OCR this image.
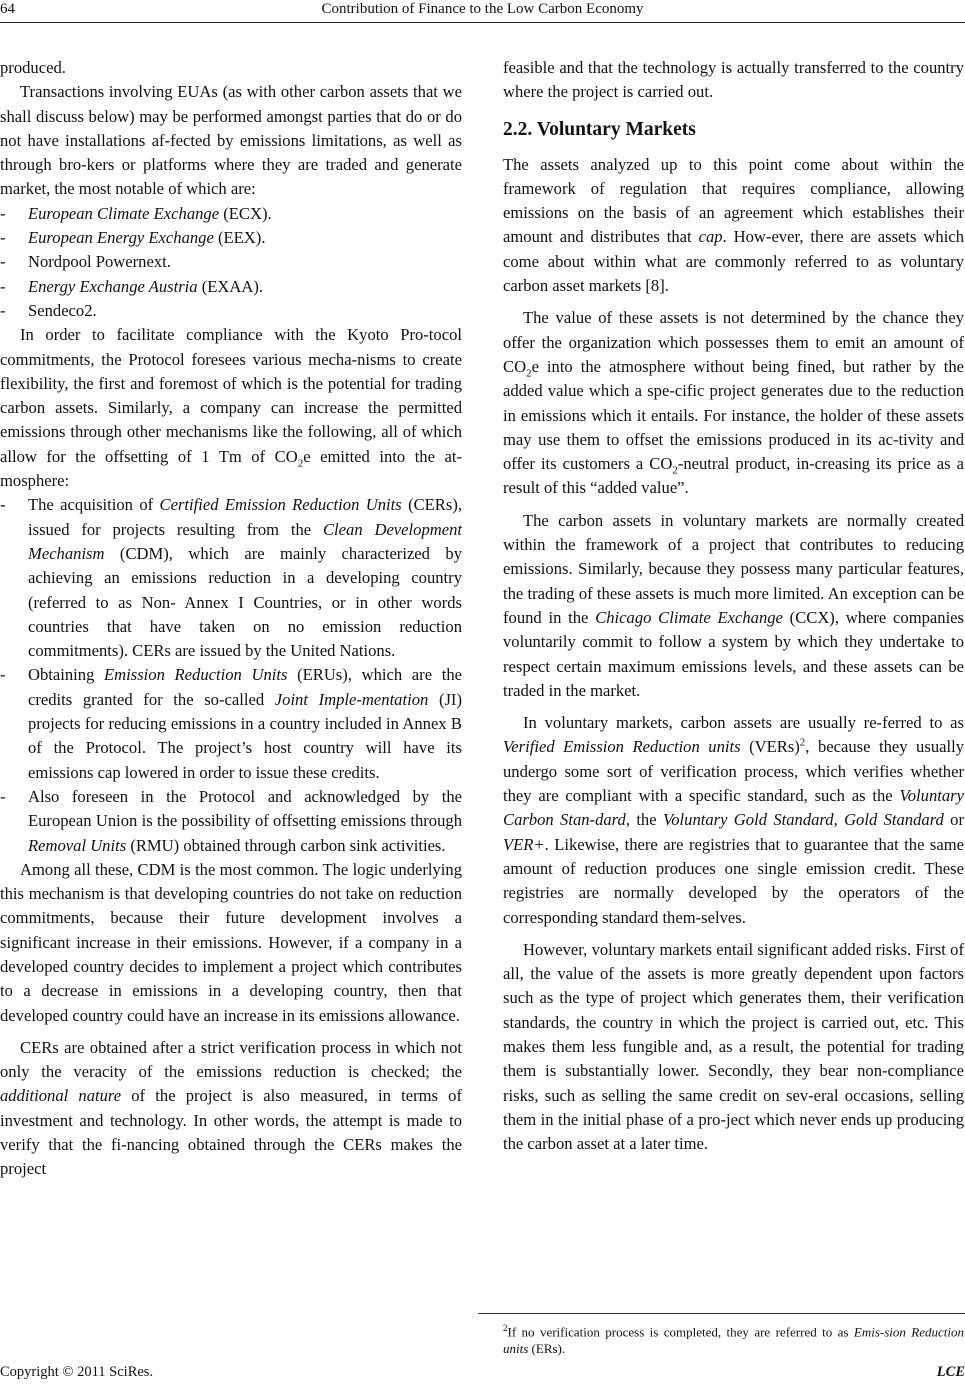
64	Contribution of Finance to the Low Carbon Economy

produced.

Transactions involving EUAs (as with other carbon assets that we shall discuss below) may be performed amongst parties that do or do not have installations af-fected by emissions limitations, as well as through bro-kers or platforms where they are traded and generate market, the most notable of which are:

- European Climate Exchange (ECX).
- European Energy Exchange (EEX).
- Nordpool Powernext.
- Energy Exchange Austria (EXAA).
- Sendeco2.

In order to facilitate compliance with the Kyoto Pro-tocol commitments, the Protocol foresees various mecha-nisms to create flexibility, the first and foremost of which is the potential for trading carbon assets. Similarly, a company can increase the permitted emissions through other mechanisms like the following, all of which allow for the offsetting of 1 Tm of $CO_2e$ emitted into the at-mosphere:

- The acquisition of Certified Emission Reduction Units (CERs), issued for projects resulting from the Clean Development Mechanism (CDM), which are mainly characterized by achieving an emissions reduction in a developing country (referred to as Non- Annex I Countries, or in other words countries that have taken on no emission reduction commitments). CERs are issued by the United Nations.
- Obtaining Emission Reduction Units (ERUs), which are the credits granted for the so-called Joint Imple-mentation (JI) projects for reducing emissions in a country included in Annex B of the Protocol. The project’s host country will have its emissions cap lowered in order to issue these credits.
- Also foreseen in the Protocol and acknowledged by the European Union is the possibility of offsetting emissions through Removal Units (RMU) obtained through carbon sink activities.

Among all these, CDM is the most common. The logic underlying this mechanism is that developing countries do not take on reduction commitments, because their future development involves a significant increase in their emissions. However, if a company in a developed country decides to implement a project which contributes to a decrease in emissions in a developing country, then that developed country could have an increase in its emissions allowance.

CERs are obtained after a strict verification process in which not only the veracity of the emissions reduction is checked; the additional nature of the project is also measured, in terms of investment and technology. In other words, the attempt is made to verify that the fi-nancing obtained through the CERs makes the project

feasible and that the technology is actually transferred to the country where the project is carried out.

2.2. Voluntary Markets

The assets analyzed up to this point come about within the framework of regulation that requires compliance, allowing emissions on the basis of an agreement which establishes their amount and distributes that cap. How-ever, there are assets which come about within what are commonly referred to as voluntary carbon asset markets [8].

The value of these assets is not determined by the chance they offer the organization which possesses them to emit an amount of $CO_2e$ into the atmosphere without being fined, but rather by the added value which a spe-cific project generates due to the reduction in emissions which it entails. For instance, the holder of these assets may use them to offset the emissions produced in its ac-tivity and offer its customers a $CO_2$-neutral product, in-creasing its price as a result of this “added value”.

The carbon assets in voluntary markets are normally created within the framework of a project that contributes to reducing emissions. Similarly, because they possess many particular features, the trading of these assets is much more limited. An exception can be found in the Chicago Climate Exchange (CCX), where companies voluntarily commit to follow a system by which they undertake to respect certain maximum emissions levels, and these assets can be traded in the market.

In voluntary markets, carbon assets are usually re-ferred to as Verified Emission Reduction units (VERs)$^2$, because they usually undergo some sort of verification process, which verifies whether they are compliant with a specific standard, such as the Voluntary Carbon Stan-dard, the Voluntary Gold Standard, Gold Standard or VER+. Likewise, there are registries that to guarantee that the same amount of reduction produces one single emission credit. These registries are normally developed by the operators of the corresponding standard them-selves.

However, voluntary markets entail significant added risks. First of all, the value of the assets is more greatly dependent upon factors such as the type of project which generates them, their verification standards, the country in which the project is carried out, etc. This makes them less fungible and, as a result, the potential for trading them is substantially lower. Secondly, they bear non-compliance risks, such as selling the same credit on sev-eral occasions, selling them in the initial phase of a pro-ject which never ends up producing the carbon asset at a later time.

$^2$If no verification process is completed, they are referred to as Emis-sion Reduction units (ERs).
Copyright © 2011 SciRes.	LCE
